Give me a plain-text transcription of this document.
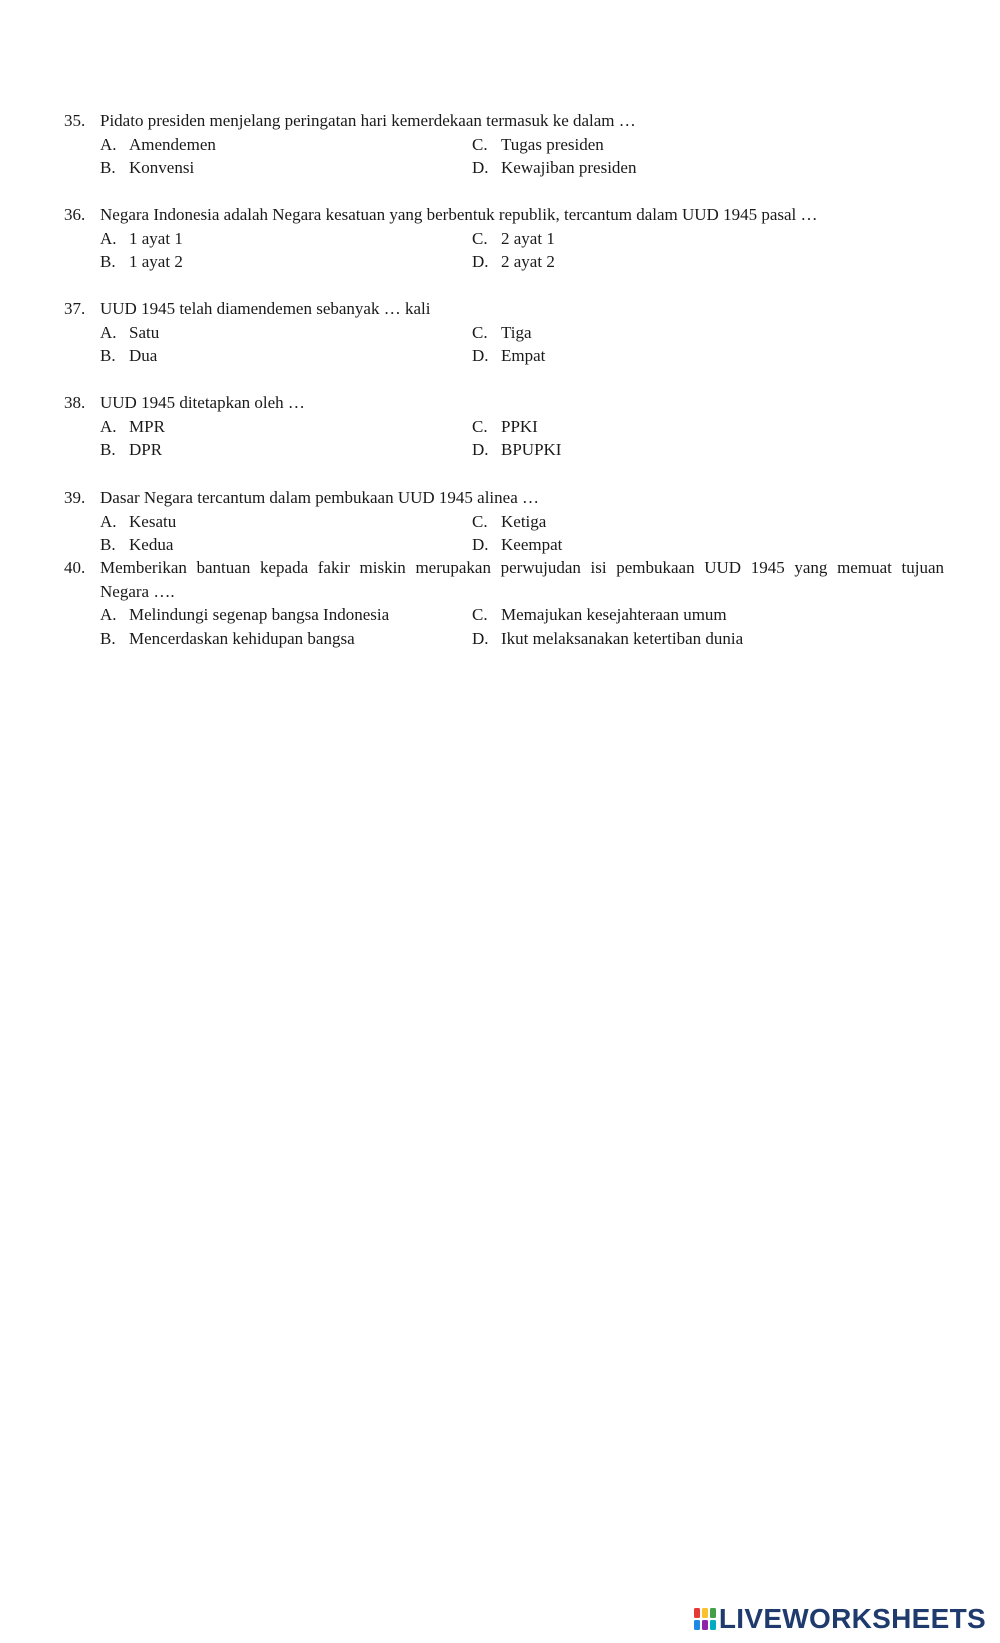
35. Pidato presiden menjelang peringatan hari kemerdekaan termasuk ke dalam …
A. Amendemen	C. Tugas presiden
B. Konvensi	D. Kewajiban presiden
36. Negara Indonesia adalah Negara kesatuan yang berbentuk republik, tercantum dalam UUD 1945 pasal …
A. 1 ayat 1	C. 2 ayat 1
B. 1 ayat 2	D. 2 ayat 2
37. UUD 1945 telah diamendemen sebanyak … kali
A. Satu	C. Tiga
B. Dua	D. Empat
38. UUD 1945 ditetapkan oleh …
A. MPR	C. PPKI
B. DPR	D. BPUPKI
39. Dasar Negara tercantum dalam pembukaan UUD 1945 alinea …
A. Kesatu	C. Ketiga
B. Kedua	D. Keempat
40. Memberikan bantuan kepada fakir miskin merupakan perwujudan isi pembukaan UUD 1945 yang memuat tujuan
Negara ….
A. Melindungi segenap bangsa Indonesia	C. Memajukan kesejahteraan umum
B. Mencerdaskan kehidupan bangsa	D. Ikut melaksanakan ketertiban dunia
LIVEWORKSHEETS
